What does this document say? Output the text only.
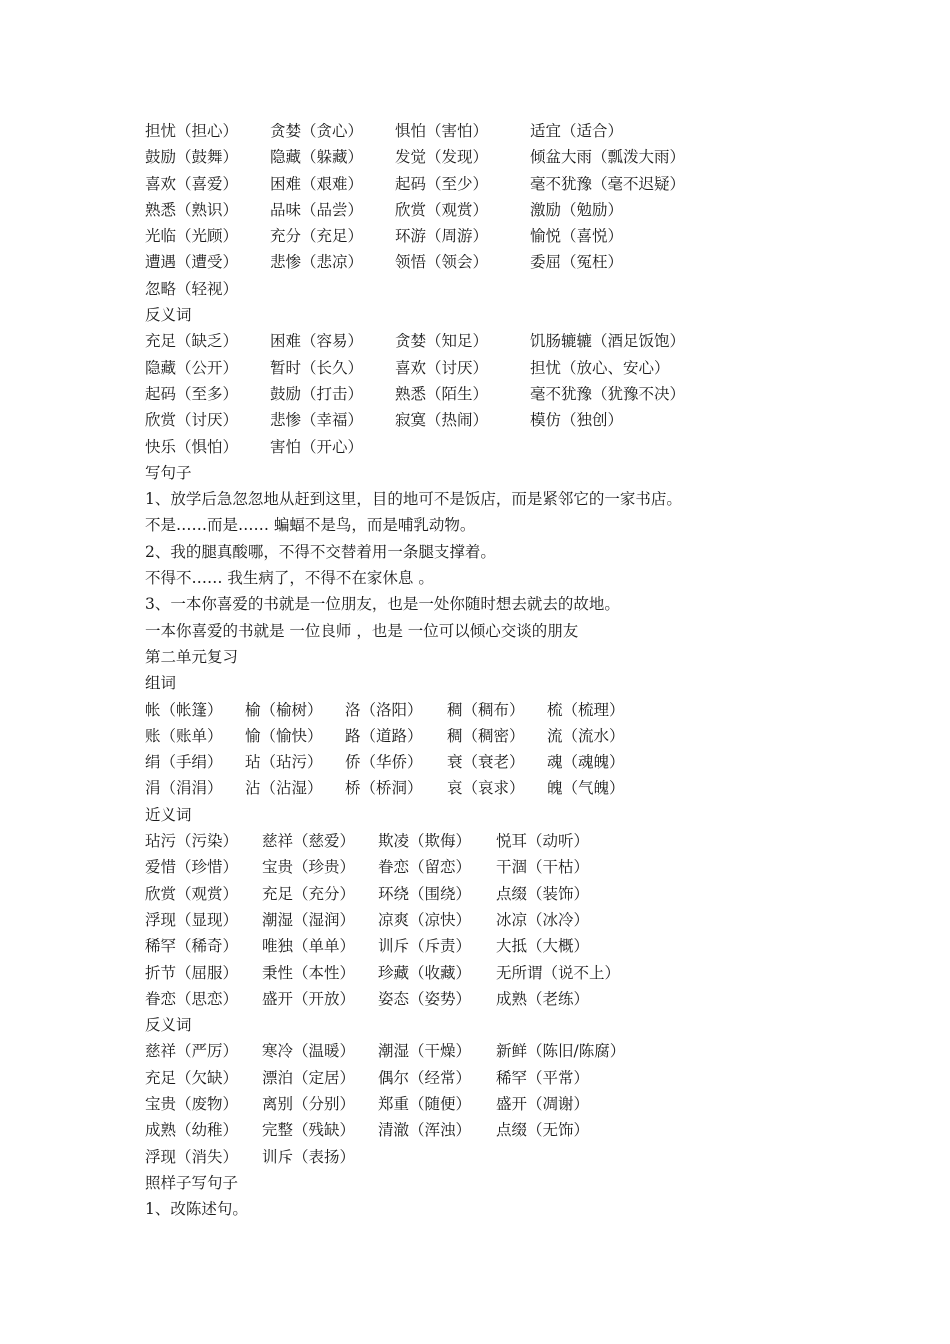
担忧（担心） 贪婪（贪心） 惧怕（害怕）	适宜（适合）
鼓励（鼓舞） 隐藏（躲藏） 发觉（发现）	倾盆大雨（瓢泼大雨）
喜欢（喜爱） 困难（艰难） 起码（至少）	毫不犹豫（毫不迟疑）
熟悉（熟识） 品味（品尝） 欣赏（观赏）	激励（勉励）
光临（光顾） 充分（充足） 环游（周游）	愉悦（喜悦）
遭遇（遭受） 悲惨（悲凉） 领悟（领会）	委屈（冤枉）
忽略（轻视）
反义词
充足（缺乏） 困难（容易） 贪婪（知足）	饥肠辘辘（酒足饭饱）
隐藏（公开） 暂时（长久） 喜欢（讨厌）	担忧（放心、安心）
起码（至多） 鼓励（打击） 熟悉（陌生）	毫不犹豫（犹豫不决）
欣赏（讨厌） 悲惨（幸福） 寂寞（热闹）	模仿（独创）
快乐（惧怕） 害怕（开心）
写句子
1、放学后急忽忽地从赶到这里，目的地可不是饭店，而是紧邻它的一家书店。
不是……而是…… 蝙蝠不是鸟，而是哺乳动物。
2、我的腿真酸哪，不得不交替着用一条腿支撑着。
不得不…… 我生病了，不得不在家休息 。
3、一本你喜爱的书就是一位朋友，也是一处你随时想去就去的故地。
一本你喜爱的书就是 一位良师 ，也是 一位可以倾心交谈的朋友
第二单元复习
组词
帐（帐篷） 榆（榆树） 洛（洛阳） 稠（稠布） 梳（梳理）
账（账单） 愉（愉快） 路（道路） 稠（稠密） 流（流水）
绢（手绢） 玷（玷污） 侨（华侨） 衰（衰老） 魂（魂魄）
涓（涓涓） 沾（沾湿） 桥（桥洞） 哀（哀求） 魄（气魄）
近义词
玷污（污染） 慈祥（慈爱） 欺凌（欺侮） 悦耳（动听）
爱惜（珍惜） 宝贵（珍贵） 眷恋（留恋） 干涸（干枯）
欣赏（观赏） 充足（充分） 环绕（围绕） 点缀（装饰）
浮现（显现） 潮湿（湿润） 凉爽（凉快） 冰凉（冰冷）
稀罕（稀奇） 唯独（单单） 训斥（斥责） 大抵（大概）
折节（屈服） 秉性（本性） 珍藏（收藏） 无所谓（说不上）
眷恋（思恋） 盛开（开放） 姿态（姿势） 成熟（老练）
反义词
慈祥（严厉） 寒冷（温暖） 潮湿（干燥） 新鲜（陈旧/陈腐）
充足（欠缺） 漂泊（定居） 偶尔（经常） 稀罕（平常）
宝贵（废物） 离别（分别） 郑重（随便） 盛开（凋谢）
成熟（幼稚） 完整（残缺） 清澈（浑浊） 点缀（无饰）
浮现（消失） 训斥（表扬）
照样子写句子
1、改陈述句。
